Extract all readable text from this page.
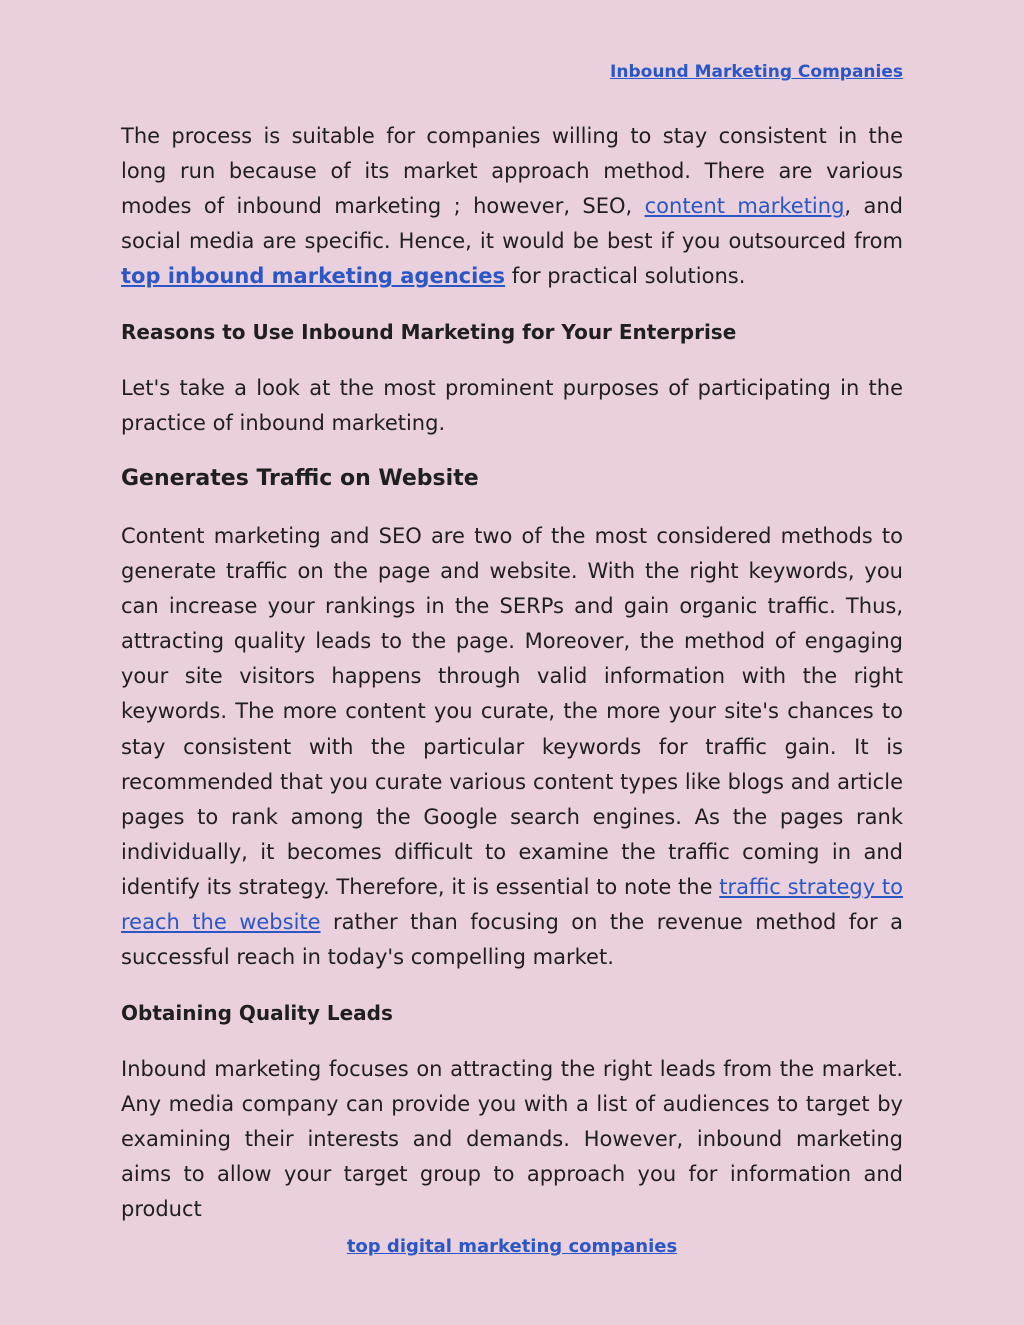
Inbound Marketing Companies

The process is suitable for companies willing to stay consistent in the long run because of its market approach method. There are various modes of inbound marketing ; however, SEO, content marketing, and social media are specific. Hence, it would be best if you outsourced from top inbound marketing agencies for practical solutions.

Reasons to Use Inbound Marketing for Your Enterprise

Let's take a look at the most prominent purposes of participating in the practice of inbound marketing.

Generates Traffic on Website

Content marketing and SEO are two of the most considered methods to generate traffic on the page and website. With the right keywords, you can increase your rankings in the SERPs and gain organic traffic. Thus, attracting quality leads to the page. Moreover, the method of engaging your site visitors happens through valid information with the right keywords. The more content you curate, the more your site's chances to stay consistent with the particular keywords for traffic gain. It is recommended that you curate various content types like blogs and article pages to rank among the Google search engines. As the pages rank individually, it becomes difficult to examine the traffic coming in and identify its strategy. Therefore, it is essential to note the traffic strategy to reach the website rather than focusing on the revenue method for a successful reach in today's compelling market.

Obtaining Quality Leads

Inbound marketing focuses on attracting the right leads from the market. Any media company can provide you with a list of audiences to target by examining their interests and demands. However, inbound marketing aims to allow your target group to approach you for information and product

top digital marketing companies
